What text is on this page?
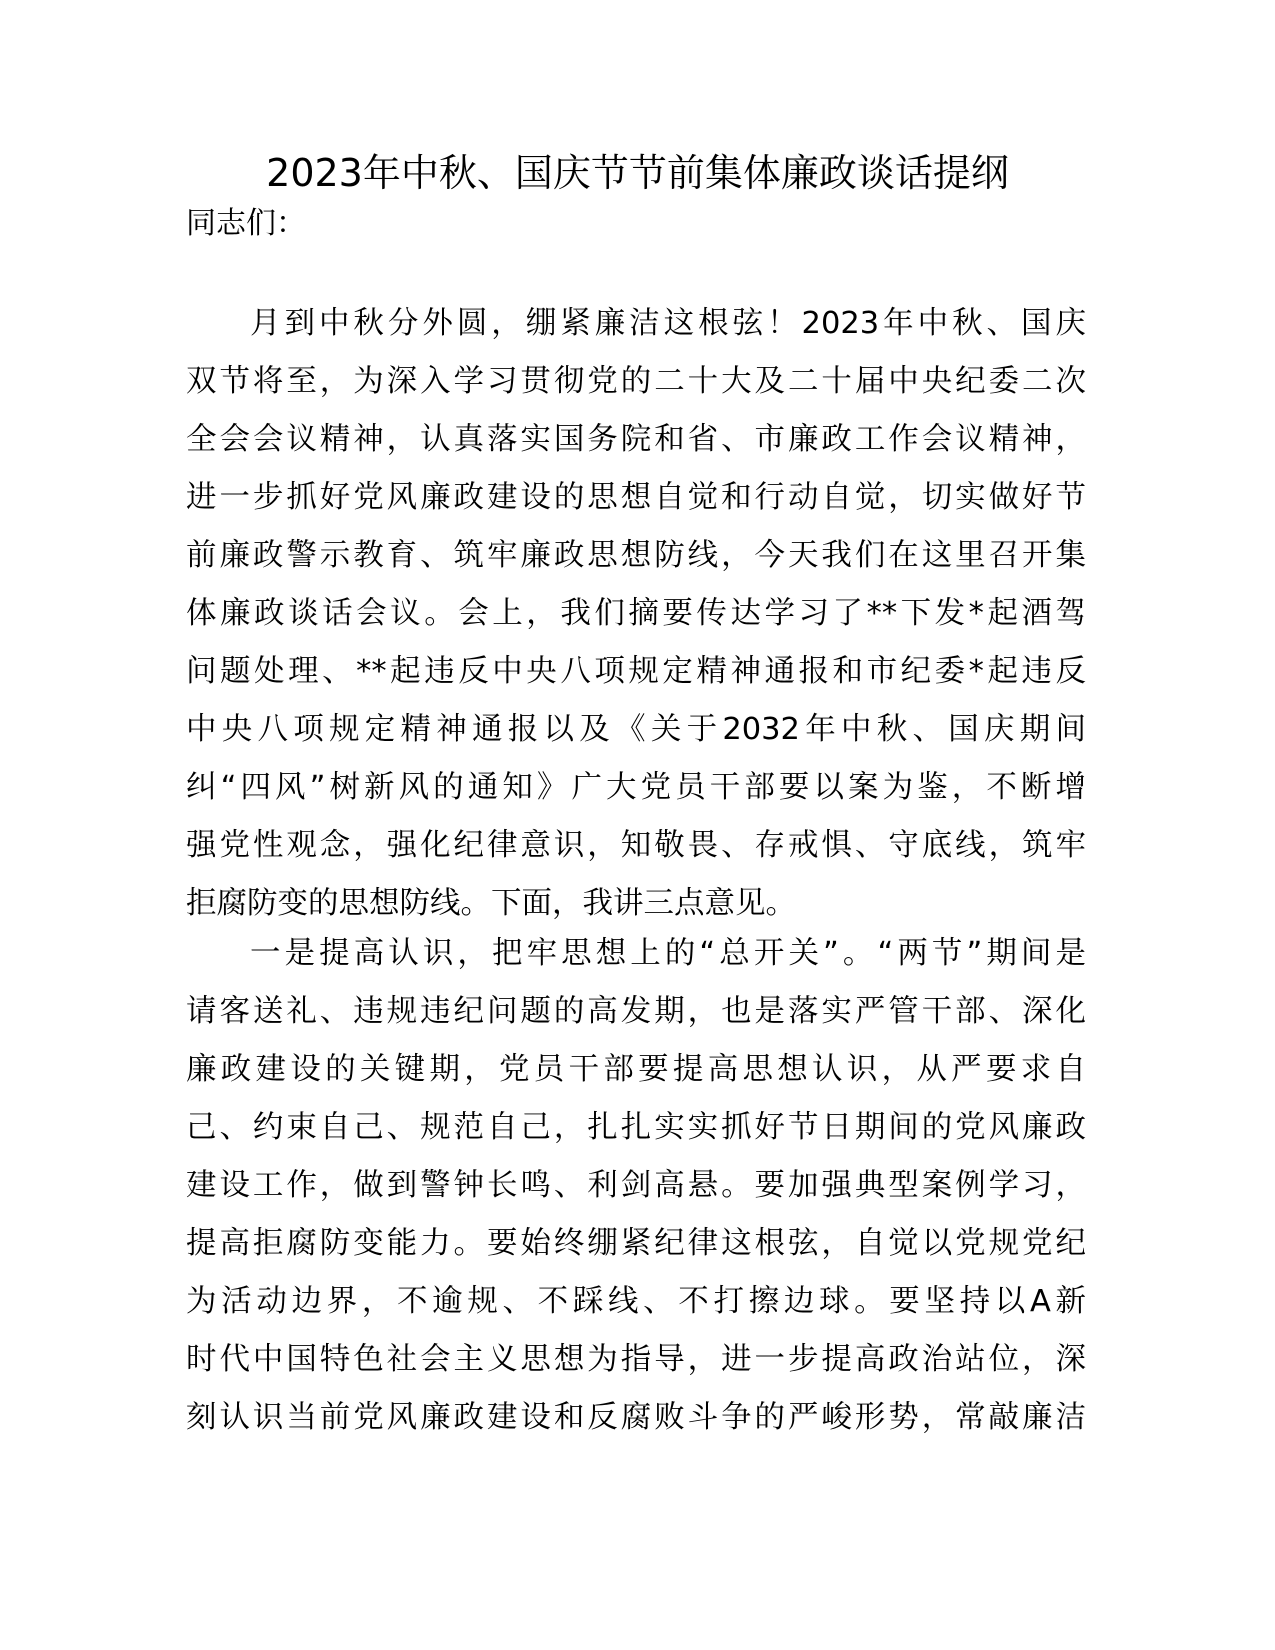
2023年中秋、国庆节节前集体廉政谈话提纲
同志们：
月到中秋分外圆，绷紧廉洁这根弦！2023年中秋、国庆
双节将至，为深入学习贯彻党的二十大及二十届中央纪委二次
全会会议精神，认真落实国务院和省、市廉政工作会议精神，
进一步抓好党风廉政建设的思想自觉和行动自觉，切实做好节
前廉政警示教育、筑牢廉政思想防线，今天我们在这里召开集
体廉政谈话会议。会上，我们摘要传达学习了**下发*起酒驾
问题处理、**起违反中央八项规定精神通报和市纪委*起违反
中央八项规定精神通报以及《关于2032年中秋、国庆期间
纠“四风”树新风的通知》广大党员干部要以案为鉴，不断增
强党性观念，强化纪律意识，知敬畏、存戒惧、守底线，筑牢
拒腐防变的思想防线。下面，我讲三点意见。
一是提高认识，把牢思想上的“总开关”。“两节”期间是
请客送礼、违规违纪问题的高发期，也是落实严管干部、深化
廉政建设的关键期，党员干部要提高思想认识，从严要求自
己、约束自己、规范自己，扎扎实实抓好节日期间的党风廉政
建设工作，做到警钟长鸣、利剑高悬。要加强典型案例学习，
提高拒腐防变能力。要始终绷紧纪律这根弦，自觉以党规党纪
为活动边界，不逾规、不踩线、不打擦边球。要坚持以A新
时代中国特色社会主义思想为指导，进一步提高政治站位，深
刻认识当前党风廉政建设和反腐败斗争的严峻形势，常敲廉洁
